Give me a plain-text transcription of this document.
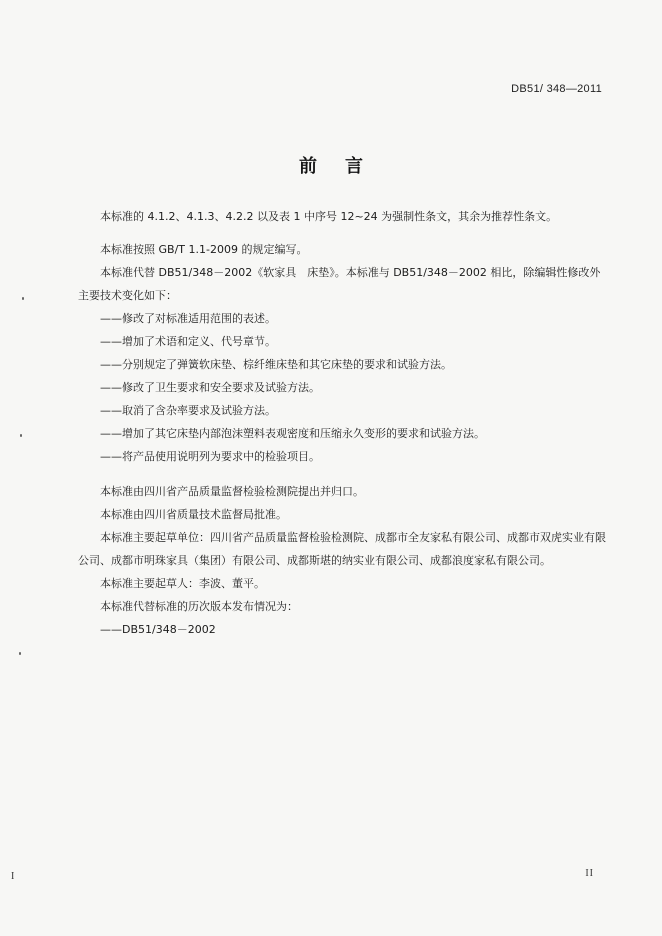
DB51/ 348—2011
前 言

本标准的 4.1.2、4.1.3、4.2.2 以及表 1 中序号 12~24 为强制性条文，其余为推荐性条文。

本标准按照 GB/T 1.1-2009 的规定编写。

本标准代替 DB51/348－2002《软家具　床垫》。本标准与 DB51/348－2002 相比，除编辑性修改外主要技术变化如下：

——修改了对标准适用范围的表述。

——增加了术语和定义、代号章节。

——分别规定了弹簧软床垫、棕纤维床垫和其它床垫的要求和试验方法。

——修改了卫生要求和安全要求及试验方法。

——取消了含杂率要求及试验方法。

——增加了其它床垫内部泡沫塑料表观密度和压缩永久变形的要求和试验方法。

——将产品使用说明列为要求中的检验项目。

本标准由四川省产品质量监督检验检测院提出并归口。

本标准由四川省质量技术监督局批准。

本标准主要起草单位：四川省产品质量监督检验检测院、成都市全友家私有限公司、成都市双虎实业有限公司、成都市明珠家具（集团）有限公司、成都斯堪的纳实业有限公司、成都浪度家私有限公司。

本标准主要起草人：李波、董平。

本标准代替标准的历次版本发布情况为：

——DB51/348－2002

I	II
